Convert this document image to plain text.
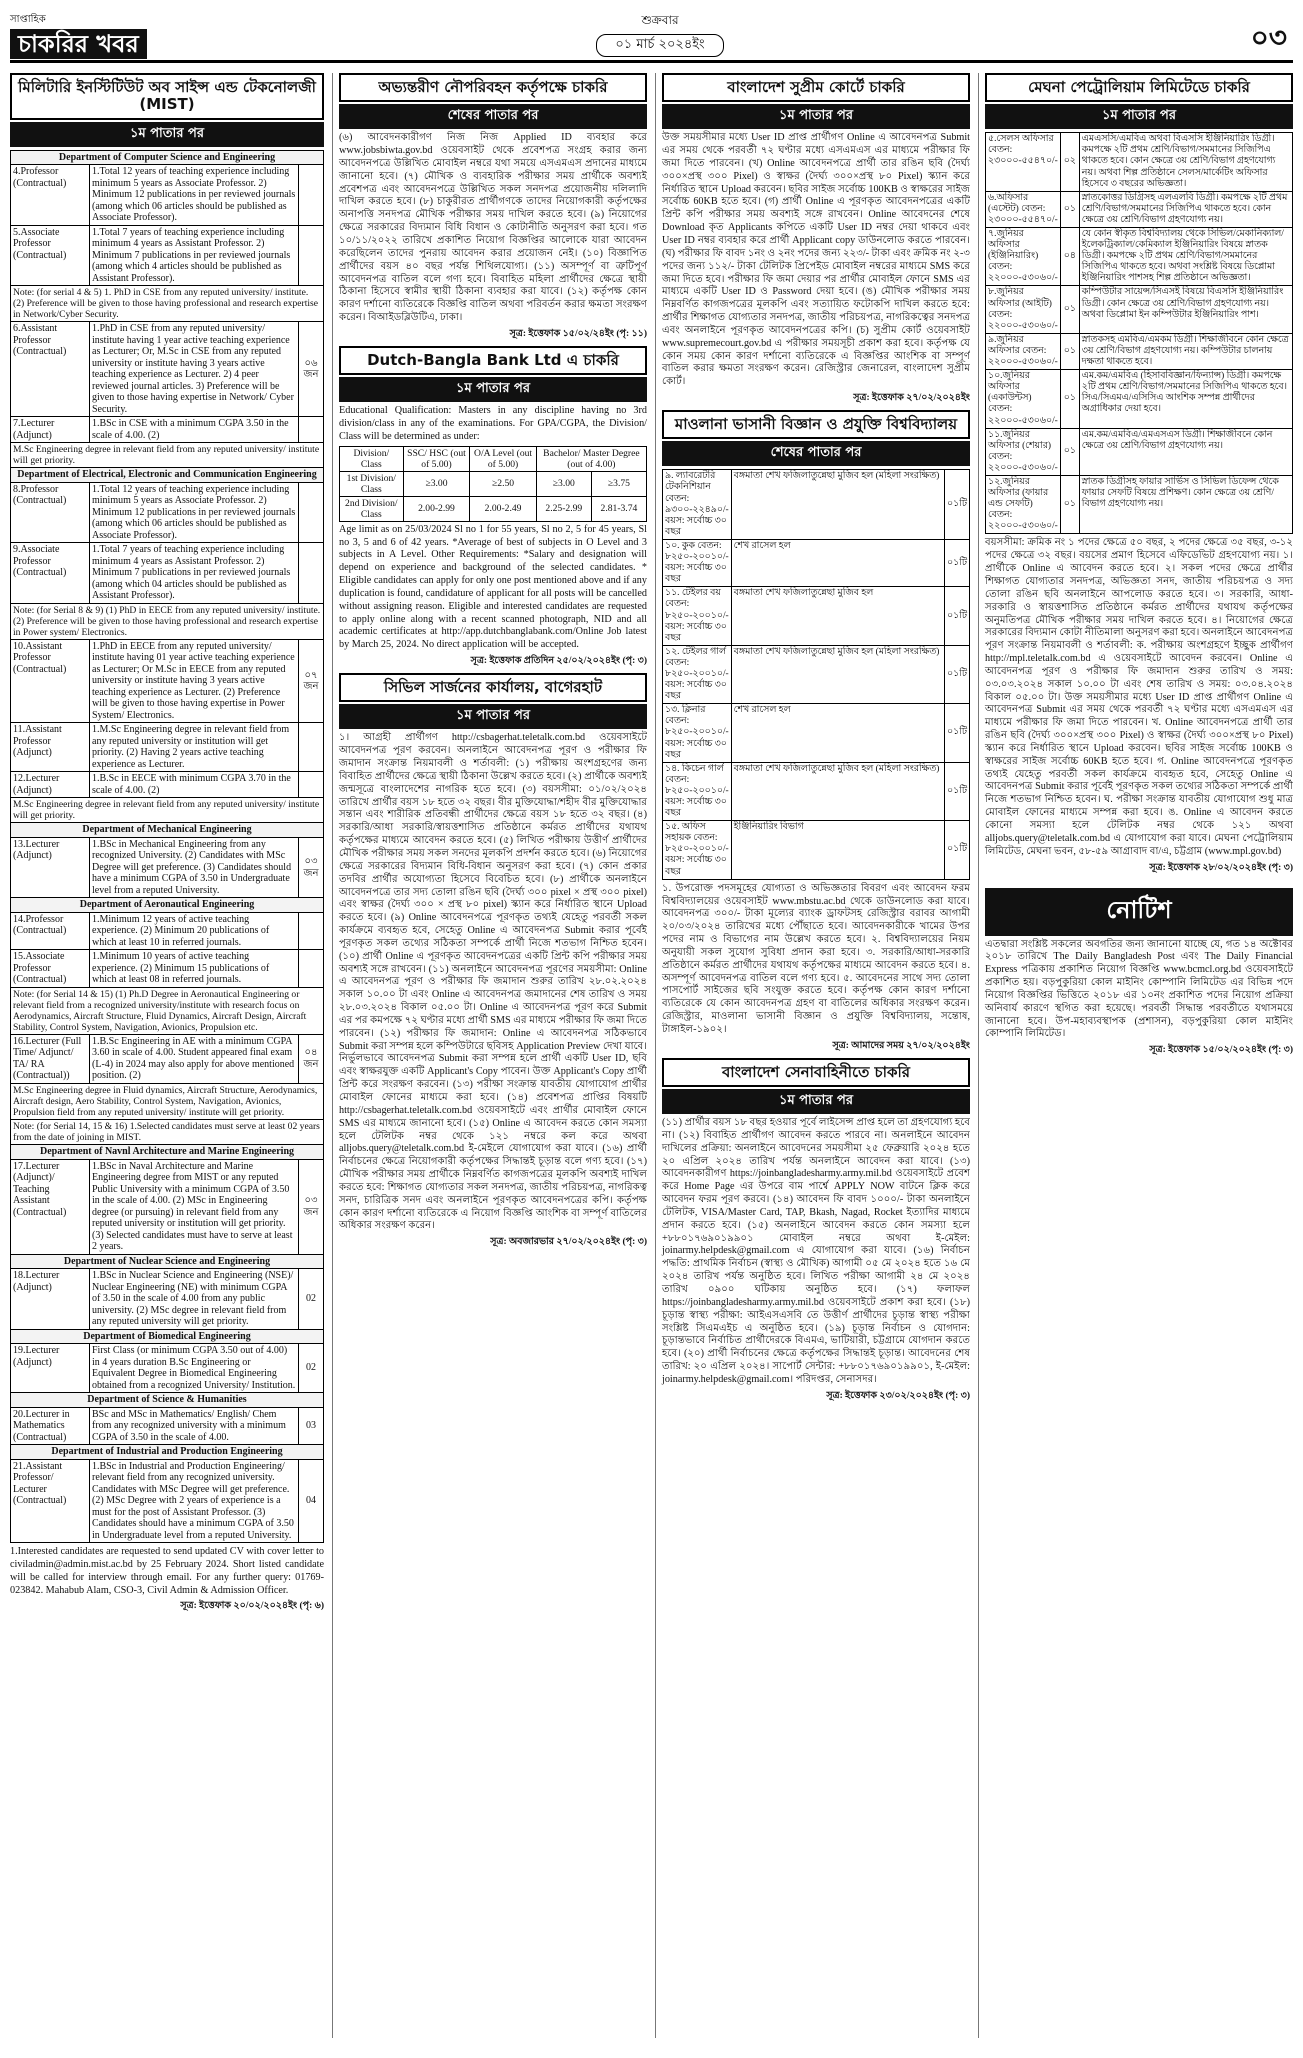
সাপ্তাহিক
চাকরির খবর
শুক্রবার
০১ মার্চ ২০২৪ইং	০৩
মিলিটারি ইনস্টিটিউট অব সাইন্স এন্ড টেকনোলজী (MIST)
১ম পাতার পর
Department of Computer Science and Engineering		
4.Professor (Contractual)	1.Total 12 years of teaching experience including minimum 5 years as Associate Professor. 2) Minimum 12 publications in per reviewed journals (among which 06 articles should be published as Associate Professor).	
5.Associate Professor (Contractual)	1.Total 7 years of teaching experience including minimum 4 years as Assistant Professor. 2) Minimum 7 publications in per reviewed journals (among which 4 articles should be published as Assistant Professor).	
Note: (for serial 4 & 5) 1. PhD in CSE from any reputed university/ institute. (2) Preference will be given to those having professional and research expertise in Network/Cyber Security.		
6.Assistant Professor (Contractual)	1.PhD in CSE from any reputed university/ institute having 1 year active teaching experience as Lecturer; Or, M.Sc in CSE from any reputed university or institute having 3 years active teaching experience as Lecturer. 2) 4 peer reviewed journal articles. 3) Preference will be given to those having expertise in Network/ Cyber Security.	০৬ জন
7.Lecturer (Adjunct)	1.BSc in CSE with a minimum CGPA 3.50 in the scale of 4.00. (2)	
M.Sc Engineering degree in relevant field from any reputed university/ institute will get priority.		
Department of Electrical, Electronic and Communication Engineering		
8.Professor (Contractual)	1.Total 12 years of teaching experience including minimum 5 years as Associate Professor. 2) Minimum 12 publications in per reviewed journals (among which 06 articles should be published as Associate Professor).	
9.Associate Professor (Contractual)	1.Total 7 years of teaching experience including minimum 4 years as Assistant Professor. 2) Minimum 7 publications in per reviewed journals (among which 04 articles should be published as Assistant Professor).	
Note: (for Serial 8 & 9) (1) PhD in EECE from any reputed university/ institute. (2) Preference will be given to those having professional and research expertise in Power system/ Electronics.		
10.Assistant Professor (Contractual)	1.PhD in EECE from any reputed university/ institute having 01 year active teaching experience as Lecturer; Or M.Sc in EECE from any reputed university or institute having 3 years active teaching experience as Lecturer. (2) Preference will be given to those having expertise in Power System/ Electronics.	০৭ জন
11.Assistant Professor (Adjunct)	1.M.Sc Engineering degree in relevant field from any reputed university or institution will get priority. (2) Having 2 years active teaching experience as Lecturer.	
12.Lecturer (Adjunct)	1.B.Sc in EECE with minimum CGPA 3.70 in the scale of 4.00. (2)	
M.Sc Engineering degree in relevant field from any reputed university/ institute will get priority.		
Department of Mechanical Engineering		
13.Lecturer (Adjunct)	1.BSc in Mechanical Engineering from any recognized University. (2) Candidates with MSc Degree will get preference. (3) Candidates should have a minimum CGPA of 3.50 in Undergraduate level from a reputed University.	০৩ জন
Department of Aeronautical Engineering		
14.Professor (Contractual)	1.Minimum 12 years of active teaching experience. (2) Minimum 20 publications of which at least 10 in referred journals.	
15.Associate Professor (Contractual)	1.Minimum 10 years of active teaching experience. (2) Minimum 15 publications of which at least 08 in referred journals.	
Note: (for Serial 14 & 15) (1) Ph.D Degree in Aeronautical Engineering or relevant field from a recognized university/institute with research focus on Aerodynamics, Aircraft Structure, Fluid Dynamics, Aircraft Design, Aircraft Stability, Control System, Navigation, Avionics, Propulsion etc.		
16.Lecturer (Full Time/ Adjunct/ TA/ RA (Contractual))	1.B.Sc Engineering in AE with a minimum CGPA 3.60 in scale of 4.00. Student appeared final exam (L-4) in 2024 may also apply for above mentioned position. (2)	০৪ জন
M.Sc Engineering degree in Fluid dynamics, Aircraft Structure, Aerodynamics, Aircraft design, Aero Stability, Control System, Navigation, Avionics, Propulsion field from any reputed university/ institute will get priority.		
Note: (for Serial 14, 15 & 16) 1.Selected candidates must serve at least 02 years from the date of joining in MIST.		
Department of Navnl Architecture and Marine Engineering		
17.Lecturer (Adjunct)/ Teaching Assistant (Contractual)	1.BSc in Naval Architecture and Marine Engineering degree from MIST or any reputed Public University with a minimum CGPA of 3.50 in the scale of 4.00. (2) MSc in Engineering degree (or pursuing) in relevant field from any reputed university or institution will get priority. (3) Selected candidates must have to serve at least 2 years.	০৩ জন
Department of Nuclear Science and Engineering		
18.Lecturer (Adjunct)	1.BSc in Nuclear Science and Engineering (NSE)/ Nuclear Engineering (NE) with minimum CGPA of 3.50 in the scale of 4.00 from any public university. (2) MSc degree in relevant field from any reputed university will get priority.	02
Department of Biomedical Engineering		
19.Lecturer (Adjunct)	First Class (or minimum CGPA 3.50 out of 4.00) in 4 years duration B.Sc Engineering or Equivalent Degree in Biomedical Engineering obtained from a recognized University/ Institution.	02
Department of Science & Humanities		
20.Lecturer in Mathematics (Contractual)	BSc and MSc in Mathematics/ English/ Chem from any recognized university with a minimum CGPA of 3.50 in the scale of 4.00.	03
Department of Industrial and Production Engineering		
21.Assistant Professor/ Lecturer (Contractual)	1.BSc in Industrial and Production Engineering/ relevant field from any recognized university. Candidates with MSc Degree will get preference. (2) MSc Degree with 2 years of experience is a must for the post of Assistant Professor. (3) Candidates should have a minimum CGPA of 3.50 in Undergraduate level from a reputed University.	04

1.Interested candidates are requested to send updated CV with cover letter to civiladmin@admin.mist.ac.bd by 25 February 2024. Short listed candidate will be called for interview through email. For any further query: 01769-023842. Mahabub Alam, CSO-3, Civil Admin & Admission Officer.

সূত্র: ইত্তেফাক ২০/০২/২০২৪ইং (পৃ: ৬)
অভ্যন্তরীণ নৌপরিবহন কর্তৃপক্ষে চাকরি
শেষের পাতার পর

(৬) আবেদনকারীগণ নিজ নিজ Applied ID ব্যবহার করে www.jobsbiwta.gov.bd ওয়েবসাইট থেকে প্রবেশপত্র সংগ্রহ করার জন্য আবেদনপত্রে উল্লিখিত মোবাইল নম্বরে যথা সময়ে এসএমএস প্রদানের মাধ্যমে জানানো হবে। (৭) মৌখিক ও ব্যবহারিক পরীক্ষার সময় প্রার্থীকে অবশ্যই প্রবেশপত্র এবং আবেদনপত্রে উল্লিখিত সকল সনদপত্র প্রয়োজনীয় দলিলাদি দাখিল করতে হবে। (৮) চাকুরীরত প্রার্থীগণকে তাদের নিয়োগকারী কর্তৃপক্ষের অনাপত্তি সনদপত্র মৌখিক পরীক্ষার সময় দাখিল করতে হবে। (৯) নিয়োগের ক্ষেত্রে সরকারের বিদ্যমান বিধি বিধান ও কোটানীতি অনুসরণ করা হবে। গত ১০/১১/২০২২ তারিখে প্রকাশিত নিয়োগ বিজ্ঞপ্তির আলোকে যারা আবেদন করেছিলেন তাদের পুনরায় আবেদন করার প্রয়োজন নেই। (১০) বিজ্ঞাপিত প্রার্থীদের বয়স ৪০ বছর পর্যন্ত শিথিলযোগ্য। (১১) অসম্পূর্ণ বা ত্রুটিপূর্ণ আবেদনপত্র বাতিল বলে গণ্য হবে। বিবাহিত মহিলা প্রার্থীদের ক্ষেত্রে স্থায়ী ঠিকানা হিসেবে স্বামীর স্থায়ী ঠিকানা ব্যবহার করা যাবে। (১২) কর্তৃপক্ষ কোন কারণ দর্শানো ব্যতিরেকে বিজ্ঞপ্তি বাতিল অথবা পরিবর্তন করার ক্ষমতা সংরক্ষণ করেন। বিআইডব্লিউটিএ, ঢাকা।

সূত্র: ইত্তেফাক ১৫/০২/২৪ইং (পৃ: ১১)
Dutch-Bangla Bank Ltd এ চাকরি
১ম পাতার পর

Educational Qualification: Masters in any discipline having no 3rd division/class in any of the examinations. For GPA/CGPA, the Division/ Class will be determined as under:

Division/ Class	SSC/ HSC (out of 5.00)	O/A Level (out of 5.00)	Bachelor/ Master Degree (out of 4.00)	
1st Division/ Class	≥3.00	≥2.50	≥3.00	≥3.75
2nd Division/ Class	2.00-2.99	2.00-2.49	2.25-2.99	2.81-3.74

Age limit as on 25/03/2024 Sl no 1 for 55 years, Sl no 2, 5 for 45 years, Sl no 3, 5 and 6 of 42 years. *Average of best of subjects in O Level and 3 subjects in A Level. Other Requirements: *Salary and designation will depend on experience and background of the selected candidates. * Eligible candidates can apply for only one post mentioned above and if any duplication is found, candidature of applicant for all posts will be cancelled without assigning reason. Eligible and interested candidates are requested to apply online along with a recent scanned photograph, NID and all academic certificates at http://app.dutchbanglabank.com/Online Job latest by March 25, 2024. No direct application will be accepted.

সূত্র: ইত্তেফাক প্রতিদিন ২৫/০২/২০২৪ইং (পৃ: ৩)
সিভিল সার্জনের কার্যালয়, বাগেরহাট
১ম পাতার পর

১। আগ্রহী প্রার্থীগণ http://csbagerhat.teletalk.com.bd ওয়েবসাইটে আবেদনপত্র পূরণ করবেন। অনলাইনে আবেদনপত্র পূরণ ও পরীক্ষার ফি জমাদান সংক্রান্ত নিয়মাবলী ও শর্তাবলী: (১) পরীক্ষায় অংশগ্রহণের জন্য বিবাহিত প্রার্থীদের ক্ষেত্রে স্থায়ী ঠিকানা উল্লেখ করতে হবে। (২) প্রার্থীকে অবশ্যই জন্মসূত্রে বাংলাদেশের নাগরিক হতে হবে। (৩) বয়সসীমা: ০১/০২/২০২৪ তারিখে প্রার্থীর বয়স ১৮ হতে ৩২ বছর। বীর মুক্তিযোদ্ধা/শহীদ বীর মুক্তিযোদ্ধার সন্তান এবং শারীরিক প্রতিবন্ধী প্রার্থীদের ক্ষেত্রে বয়স ১৮ হতে ৩২ বছর। (৪) সরকারি/আধা সরকারি/স্বায়ত্তশাসিত প্রতিষ্ঠানে কর্মরত প্রার্থীদের যথাযথ কর্তৃপক্ষের মাধ্যমে আবেদন করতে হবে। (৫) লিখিত পরীক্ষায় উত্তীর্ণ প্রার্থীদের মৌখিক পরীক্ষার সময় সকল সনদের মূলকপি প্রদর্শন করতে হবে। (৬) নিয়োগের ক্ষেত্রে সরকারের বিদ্যমান বিধি-বিধান অনুসরণ করা হবে। (৭) কোন প্রকার তদবির প্রার্থীর অযোগ্যতা হিসেবে বিবেচিত হবে। (৮) প্রার্থীকে অনলাইনে আবেদনপত্রে তার সদ্য তোলা রঙিন ছবি (দৈর্ঘ্য ৩০০ pixel × প্রস্থ ৩০০ pixel) এবং স্বাক্ষর (দৈর্ঘ্য ৩০০ × প্রস্থ ৮০ pixel) স্ক্যান করে নির্ধারিত স্থানে Upload করতে হবে। (৯) Online আবেদনপত্রে পূরণকৃত তথ্যই যেহেতু পরবর্তী সকল কার্যক্রমে ব্যবহৃত হবে, সেহেতু Online এ আবেদনপত্র Submit করার পূর্বেই পূরণকৃত সকল তথ্যের সঠিকতা সম্পর্কে প্রার্থী নিজে শতভাগ নিশ্চিত হবেন। (১০) প্রার্থী Online এ পূরণকৃত আবেদনপত্রের একটি প্রিন্ট কপি পরীক্ষার সময় অবশ্যই সঙ্গে রাখবেন। (১১) অনলাইনে আবেদনপত্র পূরণের সময়সীমা: Online এ আবেদনপত্র পূরণ ও পরীক্ষার ফি জমাদান শুরুর তারিখ ২৮.০২.২০২৪ সকাল ১০.০০ টা এবং Online এ আবেদনপত্র জমাদানের শেষ তারিখ ও সময় ২৮.০৩.২০২৪ বিকাল ০৫.০০ টা। Online এ আবেদনপত্র পূরণ করে Submit এর পর কমপক্ষে ৭২ ঘণ্টার মধ্যে প্রার্থী SMS এর মাধ্যমে পরীক্ষার ফি জমা দিতে পারবেন। (১২) পরীক্ষার ফি জমাদান: Online এ আবেদনপত্র সঠিকভাবে Submit করা সম্পন্ন হলে কম্পিউটারে ছবিসহ Application Preview দেখা যাবে। নির্ভুলভাবে আবেদনপত্র Submit করা সম্পন্ন হলে প্রার্থী একটি User ID, ছবি এবং স্বাক্ষরযুক্ত একটি Applicant's Copy পাবেন। উক্ত Applicant's Copy প্রার্থী প্রিন্ট করে সংরক্ষণ করবেন। (১৩) পরীক্ষা সংক্রান্ত যাবতীয় যোগাযোগ প্রার্থীর মোবাইল ফোনের মাধ্যমে করা হবে। (১৪) প্রবেশপত্র প্রাপ্তির বিষয়টি http://csbagerhat.teletalk.com.bd ওয়েবসাইটে এবং প্রার্থীর মোবাইল ফোনে SMS এর মাধ্যমে জানানো হবে। (১৫) Online এ আবেদন করতে কোন সমস্যা হলে টেলিটক নম্বর থেকে ১২১ নম্বরে কল করে অথবা alljobs.query@teletalk.com.bd ই-মেইলে যোগাযোগ করা যাবে। (১৬) প্রার্থী নির্বাচনের ক্ষেত্রে নিয়োগকারী কর্তৃপক্ষের সিদ্ধান্তই চূড়ান্ত বলে গণ্য হবে। (১৭) মৌখিক পরীক্ষার সময় প্রার্থীকে নিম্নবর্ণিত কাগজপত্রের মূলকপি অবশ্যই দাখিল করতে হবে: শিক্ষাগত যোগ্যতার সকল সনদপত্র, জাতীয় পরিচয়পত্র, নাগরিকত্ব সনদ, চারিত্রিক সনদ এবং অনলাইনে পূরণকৃত আবেদনপত্রের কপি। কর্তৃপক্ষ কোন কারণ দর্শানো ব্যতিরেকে এ নিয়োগ বিজ্ঞপ্তি আংশিক বা সম্পূর্ণ বাতিলের অধিকার সংরক্ষণ করেন।

সূত্র: অবজারভার ২৭/০২/২০২৪ইং (পৃ: ৩)
বাংলাদেশ সুপ্রীম কোর্টে চাকরি
১ম পাতার পর

উক্ত সময়সীমার মধ্যে User ID প্রাপ্ত প্রার্থীগণ Online এ আবেদনপত্র Submit এর সময় থেকে পরবর্তী ৭২ ঘণ্টার মধ্যে এসএমএস এর মাধ্যমে পরীক্ষার ফি জমা দিতে পারবেন। (খ) Online আবেদনপত্রে প্রার্থী তার রঙিন ছবি (দৈর্ঘ্য ৩০০×প্রস্থ ৩০০ Pixel) ও স্বাক্ষর (দৈর্ঘ্য ৩০০×প্রস্থ ৮০ Pixel) স্ক্যান করে নির্ধারিত স্থানে Upload করবেন। ছবির সাইজ সর্বোচ্চ 100KB ও স্বাক্ষরের সাইজ সর্বোচ্চ 60KB হতে হবে। (গ) প্রার্থী Online এ পূরণকৃত আবেদনপত্রের একটি প্রিন্ট কপি পরীক্ষার সময় অবশ্যই সঙ্গে রাখবেন। Online আবেদনের শেষে Download কৃত Applicants কপিতে একটি User ID নম্বর দেয়া থাকবে এবং User ID নম্বর ব্যবহার করে প্রার্থী Applicant copy ডাউনলোড করতে পারবেন। (ঘ) পরীক্ষার ফি বাবদ ১নং ও ২নং পদের জন্য ২২৩/- টাকা এবং ক্রমিক নং ২-৩ পদের জন্য ১১২/- টাকা টেলিটক প্রিপেইড মোবাইল নম্বরের মাধ্যমে SMS করে জমা দিতে হবে। পরীক্ষার ফি জমা দেয়ার পর প্রার্থীর মোবাইল ফোনে SMS এর মাধ্যমে একটি User ID ও Password দেয়া হবে। (ঙ) মৌখিক পরীক্ষার সময় নিম্নবর্ণিত কাগজপত্রের মূলকপি এবং সত্যায়িত ফটোকপি দাখিল করতে হবে: প্রার্থীর শিক্ষাগত যোগ্যতার সনদপত্র, জাতীয় পরিচয়পত্র, নাগরিকত্বের সনদপত্র এবং অনলাইনে পূরণকৃত আবেদনপত্রের কপি। (চ) সুপ্রীম কোর্ট ওয়েবসাইট www.supremecourt.gov.bd এ পরীক্ষার সময়সূচী প্রকাশ করা হবে। কর্তৃপক্ষ যে কোন সময় কোন কারণ দর্শানো ব্যতিরেকে এ বিজ্ঞপ্তির আংশিক বা সম্পূর্ণ বাতিল করার ক্ষমতা সংরক্ষণ করেন। রেজিস্ট্রার জেনারেল, বাংলাদেশ সুপ্রীম কোর্ট।

সূত্র: ইত্তেফাক ২৭/০২/২০২৪ইং
মাওলানা ভাসানী বিজ্ঞান ও প্রযুক্তি বিশ্ববিদ্যালয়
শেষের পাতার পর
৯. ল্যাবরেটরি টেকনিশিয়ান বেতন: ৯৩০০-২২৪৯০/- বয়স: সর্বোচ্চ ৩০ বছর	বঙ্গমাতা শেখ ফজিলাতুন্নেছা মুজিব হল (মহিলা সংরক্ষিত)	০১টি
১০. কুক বেতন: ৮২৫০-২০০১০/- বয়স: সর্বোচ্চ ৩০ বছর	শেখ রাসেল হল	০১টি
১১. টেইলর বয় বেতন: ৮২৫০-২০০১০/- বয়স: সর্বোচ্চ ৩০ বছর	বঙ্গমাতা শেখ ফজিলাতুন্নেছা মুজিব হল	০১টি
১২. টেইলর গার্ল বেতন: ৮২৫০-২০০১০/- বয়স: সর্বোচ্চ ৩০ বছর	বঙ্গমাতা শেখ ফজিলাতুন্নেছা মুজিব হল (মহিলা সংরক্ষিত)	০১টি
১৩. ক্লিনার বেতন: ৮২৫০-২০০১০/- বয়স: সর্বোচ্চ ৩০ বছর	শেখ রাসেল হল	০১টি
১৪. কিচেন গার্ল বেতন: ৮২৫০-২০০১০/- বয়স: সর্বোচ্চ ৩০ বছর	বঙ্গমাতা শেখ ফজিলাতুন্নেছা মুজিব হল (মহিলা সংরক্ষিত)	০১টি
১৫. অফিস সহায়ক বেতন: ৮২৫০-২০০১০/- বয়স: সর্বোচ্চ ৩০ বছর	ইঞ্জিনিয়ারিং বিভাগ	০১টি

১. উপরোক্ত পদসমূহের যোগ্যতা ও অভিজ্ঞতার বিবরণ এবং আবেদন ফরম বিশ্ববিদ্যালয়ের ওয়েবসাইট www.mbstu.ac.bd থেকে ডাউনলোড করা যাবে। আবেদনপত্র ৩০০/- টাকা মূল্যের ব্যাংক ড্রাফটসহ রেজিস্ট্রার বরাবর আগামী ২০/০৩/২০২৪ তারিখের মধ্যে পৌঁছাতে হবে। আবেদনকারীকে খামের উপর পদের নাম ও বিভাগের নাম উল্লেখ করতে হবে। ২. বিশ্ববিদ্যালয়ের নিয়ম অনুযায়ী সকল সুযোগ সুবিধা প্রদান করা হবে। ৩. সরকারি/আধা-সরকারি প্রতিষ্ঠানে কর্মরত প্রার্থীদের যথাযথ কর্তৃপক্ষের মাধ্যমে আবেদন করতে হবে। ৪. অসম্পূর্ণ আবেদনপত্র বাতিল বলে গণ্য হবে। ৫. আবেদনের সাথে সদ্য তোলা পাসপোর্ট সাইজের ছবি সংযুক্ত করতে হবে। কর্তৃপক্ষ কোন কারণ দর্শানো ব্যতিরেকে যে কোন আবেদনপত্র গ্রহণ বা বাতিলের অধিকার সংরক্ষণ করেন। রেজিস্ট্রার, মাওলানা ভাসানী বিজ্ঞান ও প্রযুক্তি বিশ্ববিদ্যালয়, সন্তোষ, টাঙ্গাইল-১৯০২।

সূত্র: আমাদের সময় ২৭/০২/২০২৪ইং
বাংলাদেশ সেনাবাহিনীতে চাকরি
১ম পাতার পর

(১১) প্রার্থীর বয়স ১৮ বছর হওয়ার পূর্বে লাইসেন্স প্রাপ্ত হলে তা গ্রহণযোগ্য হবে না। (১২) বিবাহিত প্রার্থীগণ আবেদন করতে পারবে না। অনলাইনে আবেদন দাখিলের প্রক্রিয়া: অনলাইনে আবেদনের সময়সীমা ২৫ ফেব্রুয়ারি ২০২৪ হতে ২০ এপ্রিল ২০২৪ তারিখ পর্যন্ত অনলাইনে আবেদন করা যাবে। (১৩) আবেদনকারীগণ https://joinbangladesharmy.army.mil.bd ওয়েবসাইটে প্রবেশ করে Home Page এর উপরে বাম পার্শ্বে APPLY NOW বাটনে ক্লিক করে আবেদন ফরম পূরণ করবে। (১৪) আবেদন ফি বাবদ ১০০০/- টাকা অনলাইনে টেলিটক, VISA/Master Card, TAP, Bkash, Nagad, Rocket ইত্যাদির মাধ্যমে প্রদান করতে হবে। (১৫) অনলাইনে আবেদন করতে কোন সমস্যা হলে +৮৮০১৭৬৯০১৯৯০১ মোবাইল নম্বরে অথবা ই-মেইল: joinarmy.helpdesk@gmail.com এ যোগাযোগ করা যাবে। (১৬) নির্বাচন পদ্ধতি: প্রাথমিক নির্বাচন (স্বাস্থ্য ও মৌখিক) আগামী ০৫ মে ২০২৪ হতে ১৬ মে ২০২৪ তারিখ পর্যন্ত অনুষ্ঠিত হবে। লিখিত পরীক্ষা আগামী ২৪ মে ২০২৪ তারিখ ০৯০০ ঘটিকায় অনুষ্ঠিত হবে। (১৭) ফলাফল https://joinbangladesharmy.army.mil.bd ওয়েবসাইটে প্রকাশ করা হবে। (১৮) চূড়ান্ত স্বাস্থ্য পরীক্ষা: আইএসএসবি তে উত্তীর্ণ প্রার্থীদের চূড়ান্ত স্বাস্থ্য পরীক্ষা সংশ্লিষ্ট সিএমএইচ এ অনুষ্ঠিত হবে। (১৯) চূড়ান্ত নির্বাচন ও যোগদান: চূড়ান্তভাবে নির্বাচিত প্রার্থীদেরকে বিএমএ, ভাটিয়ারী, চট্টগ্রামে যোগদান করতে হবে। (২০) প্রার্থী নির্বাচনের ক্ষেত্রে কর্তৃপক্ষের সিদ্ধান্তই চূড়ান্ত। আবেদনের শেষ তারিখ: ২০ এপ্রিল ২০২৪। সাপোর্ট সেন্টার: +৮৮০১৭৬৯০১৯৯০১, ই-মেইল: joinarmy.helpdesk@gmail.com। পরিদপ্তর, সেনাসদর।

সূত্র: ইত্তেফাক ২৩/০২/২০২৪ইং (পৃ: ৩)
মেঘনা পেট্রোলিয়াম লিমিটেডে চাকরি
১ম পাতার পর
৫.সেলস অফিসার বেতন: ২৩০০০-৫৫৪৭০/-	০২	এমএসসি/এমবিএ অথবা বিএসসি ইঞ্জিনিয়ারিং ডিগ্রী। কমপক্ষে ২টি প্রথম শ্রেণি/বিভাগ/সমমানের সিজিপিএ থাকতে হবে। কোন ক্ষেত্রে ৩য় শ্রেণি/বিভাগ গ্রহণযোগ্য নয়। অথবা শিল্প প্রতিষ্ঠানে সেলস/মার্কেটিং অফিসার হিসেবে ৩ বছরের অভিজ্ঞতা।
৬.অফিসার (এস্টেট) বেতন: ২৩০০০-৫৫৪৭০/-	০১	স্নাতকোত্তর ডিগ্রিসহ এলএলবি ডিগ্রী। কমপক্ষে ২টি প্রথম শ্রেণি/বিভাগ/সমমানের সিজিপিএ থাকতে হবে। কোন ক্ষেত্রে ৩য় শ্রেণি/বিভাগ গ্রহণযোগ্য নয়।
৭.জুনিয়র অফিসার (ইঞ্জিনিয়ারিং) বেতন: ২২০০০-৫৩০৬০/-	০৪	যে কোন স্বীকৃত বিশ্ববিদ্যালয় থেকে সিভিল/মেকানিক্যাল/ইলেকট্রিক্যাল/কেমিক্যাল ইঞ্জিনিয়ারিং বিষয়ে স্নাতক ডিগ্রী। কমপক্ষে ২টি প্রথম শ্রেণি/বিভাগ/সমমানের সিজিপিএ থাকতে হবে। অথবা সংশ্লিষ্ট বিষয়ে ডিপ্লোমা ইঞ্জিনিয়ারিং পাশসহ শিল্প প্রতিষ্ঠানে অভিজ্ঞতা।
৮.জুনিয়র অফিসার (আইটি) বেতন: ২২০০০-৫৩০৬০/-	০১	কম্পিউটার সায়েন্স/সিএসই বিষয়ে বিএসসি ইঞ্জিনিয়ারিং ডিগ্রী। কোন ক্ষেত্রে ৩য় শ্রেণি/বিভাগ গ্রহণযোগ্য নয়। অথবা ডিপ্লোমা ইন কম্পিউটার ইঞ্জিনিয়ারিং পাশ।
৯.জুনিয়র অফিসার বেতন: ২২০০০-৫৩০৬০/-	০১	স্নাতকসহ এমবিএ/এমকম ডিগ্রী। শিক্ষাজীবনে কোন ক্ষেত্রে ৩য় শ্রেণি/বিভাগ গ্রহণযোগ্য নয়। কম্পিউটার চালনায় দক্ষতা থাকতে হবে।
১০.জুনিয়র অফিসার (একাউন্টস) বেতন: ২২০০০-৫৩০৬০/-	০১	এম.কম/এমবিএ (হিসাববিজ্ঞান/ফিন্যান্স) ডিগ্রী। কমপক্ষে ২টি প্রথম শ্রেণি/বিভাগ/সমমানের সিজিপিএ থাকতে হবে। সিএ/সিএমএ/এসিসিএ আংশিক সম্পন্ন প্রার্থীদের অগ্রাধিকার দেয়া হবে।
১১.জুনিয়র অফিসার (শেয়ার) বেতন: ২২০০০-৫৩০৬০/-	০১	এম.কম/এমবিএ/এমএসএস ডিগ্রী। শিক্ষাজীবনে কোন ক্ষেত্রে ৩য় শ্রেণি/বিভাগ গ্রহণযোগ্য নয়।
১২.জুনিয়র অফিসার (ফায়ার এন্ড সেফটি) বেতন: ২২০০০-৫৩০৬০/-	০১	স্নাতক ডিগ্রীসহ ফায়ার সার্ভিস ও সিভিল ডিফেন্স থেকে ফায়ার সেফটি বিষয়ে প্রশিক্ষণ। কোন ক্ষেত্রে ৩য় শ্রেণি/বিভাগ গ্রহণযোগ্য নয়।

বয়সসীমা: ক্রমিক নং ১ পদের ক্ষেত্রে ৫০ বছর, ২ পদের ক্ষেত্রে ৩৫ বছর, ৩-১২ পদের ক্ষেত্রে ৩২ বছর। বয়সের প্রমাণ হিসেবে এফিডেভিট গ্রহণযোগ্য নয়। ১। প্রার্থীকে Online এ আবেদন করতে হবে। ২। সকল পদের ক্ষেত্রে প্রার্থীর শিক্ষাগত যোগ্যতার সনদপত্র, অভিজ্ঞতা সনদ, জাতীয় পরিচয়পত্র ও সদ্য তোলা রঙিন ছবি অনলাইনে আপলোড করতে হবে। ৩। সরকারি, আধা-সরকারি ও স্বায়ত্তশাসিত প্রতিষ্ঠানে কর্মরত প্রার্থীদের যথাযথ কর্তৃপক্ষের অনুমতিপত্র মৌখিক পরীক্ষার সময় দাখিল করতে হবে। ৪। নিয়োগের ক্ষেত্রে সরকারের বিদ্যমান কোটা নীতিমালা অনুসরণ করা হবে। অনলাইনে আবেদনপত্র পূরণ সংক্রান্ত নিয়মাবলী ও শর্তাবলী: ক. পরীক্ষায় অংশগ্রহণে ইচ্ছুক প্রার্থীগণ http://mpl.teletalk.com.bd এ ওয়েবসাইটে আবেদন করবেন। Online এ আবেদনপত্র পূরণ ও পরীক্ষার ফি জমাদান শুরুর তারিখ ও সময়: ০৩.০৩.২০২৪ সকাল ১০.০০ টা এবং শেষ তারিখ ও সময়: ০৩.০৪.২০২৪ বিকাল ০৫.০০ টা। উক্ত সময়সীমার মধ্যে User ID প্রাপ্ত প্রার্থীগণ Online এ আবেদনপত্র Submit এর সময় থেকে পরবর্তী ৭২ ঘণ্টার মধ্যে এসএমএস এর মাধ্যমে পরীক্ষার ফি জমা দিতে পারবেন। খ. Online আবেদনপত্রে প্রার্থী তার রঙিন ছবি (দৈর্ঘ্য ৩০০×প্রস্থ ৩০০ Pixel) ও স্বাক্ষর (দৈর্ঘ্য ৩০০×প্রস্থ ৮০ Pixel) স্ক্যান করে নির্ধারিত স্থানে Upload করবেন। ছবির সাইজ সর্বোচ্চ 100KB ও স্বাক্ষরের সাইজ সর্বোচ্চ 60KB হতে হবে। গ. Online আবেদনপত্রে পূরণকৃত তথ্যই যেহেতু পরবর্তী সকল কার্যক্রমে ব্যবহৃত হবে, সেহেতু Online এ আবেদনপত্র Submit করার পূর্বেই পূরণকৃত সকল তথ্যের সঠিকতা সম্পর্কে প্রার্থী নিজে শতভাগ নিশ্চিত হবেন। ঘ. পরীক্ষা সংক্রান্ত যাবতীয় যোগাযোগ শুধু মাত্র মোবাইল ফোনের মাধ্যমে সম্পন্ন করা হবে। ঙ. Online এ আবেদন করতে কোনো সমস্যা হলে টেলিটক নম্বর থেকে ১২১ অথবা alljobs.query@teletalk.com.bd এ যোগাযোগ করা যাবে। মেঘনা পেট্রোলিয়াম লিমিটেড, মেঘনা ভবন, ৫৮-৫৯ আগ্রাবাদ বা/এ, চট্টগ্রাম (www.mpl.gov.bd)

সূত্র: ইত্তেফাক ২৮/০২/২০২৪ইং (পৃ: ৩)
নোটিশ

এতদ্বারা সংশ্লিষ্ট সকলের অবগতির জন্য জানানো যাচ্ছে যে, গত ১৪ অক্টোবর ২০১৮ তারিখে The Daily Bangladesh Post এবং The Daily Financial Express পত্রিকায় প্রকাশিত নিয়োগ বিজ্ঞপ্তি www.bcmcl.org.bd ওয়েবসাইটে প্রকাশিত হয়। বড়পুকুরিয়া কোল মাইনিং কোম্পানি লিমিটেড এর বিভিন্ন পদে নিয়োগ বিজ্ঞপ্তির ভিত্তিতে ২০১৮ এর ১০নং প্রকাশিত পদের নিয়োগ প্রক্রিয়া অনিবার্য কারণে স্থগিত করা হয়েছে। পরবর্তী সিদ্ধান্ত পরবর্তীতে যথাসময়ে জানানো হবে। উপ-মহাব্যবস্থাপক (প্রশাসন), বড়পুকুরিয়া কোল মাইনিং কোম্পানি লিমিটেড।

সূত্র: ইত্তেফাক ১৫/০২/২০২৪ইং (পৃ: ৩)
